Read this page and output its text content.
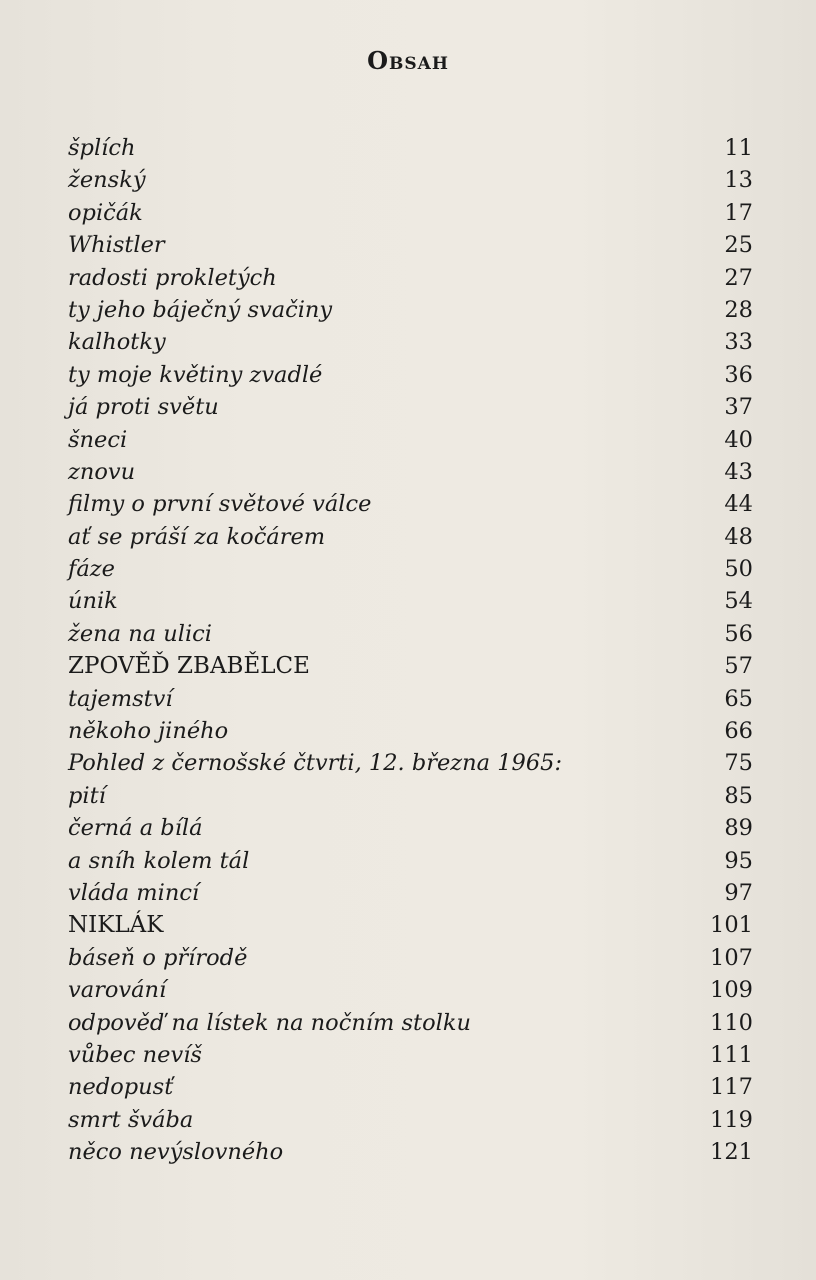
Obsah
šplích	11
ženský	13
opičák	17
Whistler	25
radosti prokletých	27
ty jeho báječný svačiny	28
kalhotky	33
ty moje květiny zvadlé	36
já proti světu	37
šneci	40
znovu	43
filmy o první světové válce	44
ať se práší za kočárem	48
fáze	50
únik	54
žena na ulici	56
ZPOVĚĎ ZBABĚLCE	57
tajemství	65
někoho jiného	66
Pohled z černošské čtvrti, 12. března 1965:	75
pití	85
černá a bílá	89
a sníh kolem tál	95
vláda mincí	97
NIKLÁK	101
báseň o přírodě	107
varování	109
odpověď na lístek na nočním stolku	110
vůbec nevíš	111
nedopusť	117
smrt švába	119
něco nevýslovného	121
